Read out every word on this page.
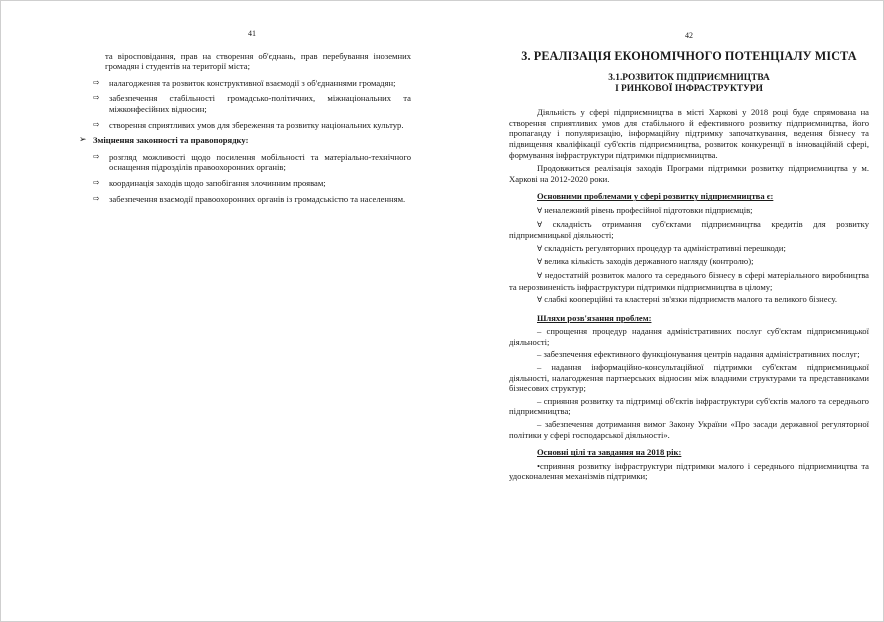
41
та віросповідання, прав на створення об'єднань, прав перебування іноземних громадян і студентів на території міста;
⇨ налагодження та розвиток конструктивної взаємодії з об'єднаннями громадян;
⇨ забезпечення стабільності громадсько-політичних, міжнаціональних та міжконфесійних відносин;
⇨ створення сприятливих умов для збереження та розвитку національних культур.
➢ Зміцнення законності та правопорядку:
⇨ розгляд можливості щодо посилення мобільності та матеріально-технічного оснащення підрозділів правоохоронних органів;
⇨ координація заходів щодо запобігання злочинним проявам;
⇨ забезпечення взаємодії правоохоронних органів із громадськістю та населенням.
42
3. РЕАЛІЗАЦІЯ ЕКОНОМІЧНОГО ПОТЕНЦІАЛУ МІСТА
3.1.РОЗВИТОК ПІДПРИЄМНИЦТВА
І РИНКОВОЇ ІНФРАСТРУКТУРИ
Діяльність у сфері підприємництва в місті Харкові у 2018 році буде спрямована на створення сприятливих умов для стабільного й ефективного розвитку підприємництва, його пропаганду і популяризацію, інформаційну підтримку започаткування, ведення бізнесу та підвищення кваліфікації суб'єктів підприємництва, розвиток конкуренції в інноваційній сфері, формування інфраструктури підтримки підприємництва.
Продовжиться реалізація заходів Програми підтримки розвитку підприємництва у м. Харкові на 2012-2020 роки.
Основними проблемами у сфері розвитку підприємництва є:
∀ неналежний рівень професійної підготовки підприємців;
∀ складність отримання суб'єктами підприємництва кредитів для розвитку підприємницької діяльності;
∀ складність регуляторних процедур та адміністративні перешкоди;
∀ велика кількість заходів державного нагляду (контролю);
∀ недостатній розвиток малого та середнього бізнесу в сфері матеріального виробництва та нерозвиненість інфраструктури підтримки підприємництва в цілому;
∀ слабкі кооперційні та кластерні зв'язки підприємств малого та великого бізнесу.
Шляхи розв'язання проблем:
– спрощення процедур надання адміністративних послуг суб'єктам підприємницької діяльності;
– забезпечення ефективного функціонування центрів надання адміністративних послуг;
– надання інформаційно-консультаційної підтримки суб'єктам підприємницької діяльності, налагодження партнерських відносин між владними структурами та представниками бізнесових структур;
– сприяння розвитку та підтримці об'єктів інфраструктури суб'єктів малого та середнього підприємництва;
– забезпечення дотримання вимог Закону України «Про засади державної регуляторної політики у сфері господарської діяльності».
Основні цілі та завдання на 2018 рік:
•сприяння розвитку інфраструктури підтримки малого і середнього підприємництва та удосконалення механізмів підтримки;
